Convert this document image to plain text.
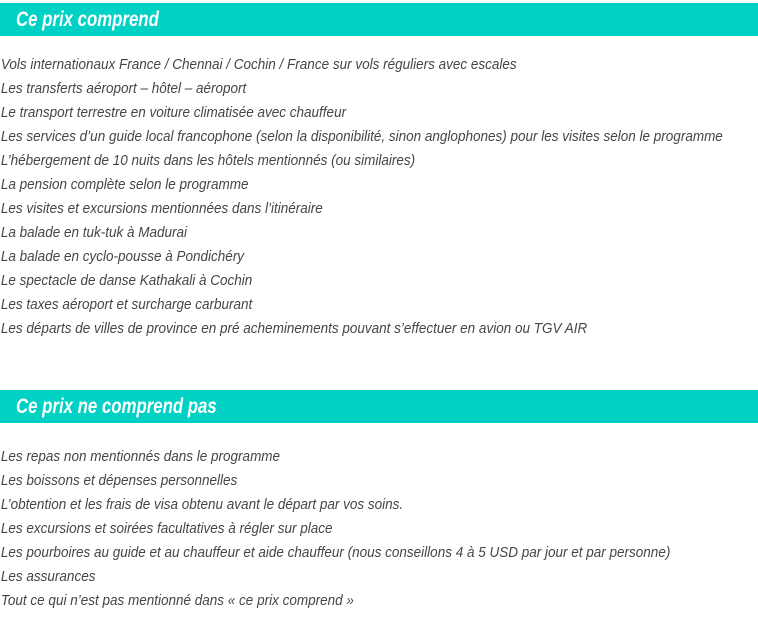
Ce prix comprend
Vols internationaux France / Chennai / Cochin / France sur vols réguliers avec escales
Les transferts aéroport – hôtel – aéroport
Le transport terrestre en voiture climatisée avec chauffeur
Les services d’un guide local francophone (selon la disponibilité, sinon anglophones) pour les visites selon le programme
L’hébergement de 10 nuits dans les hôtels mentionnés (ou similaires)
La pension complète selon le programme
Les visites et excursions mentionnées dans l’itinéraire
La balade en tuk-tuk à Madurai
La balade en cyclo-pousse à Pondichéry
Le spectacle de danse Kathakali à Cochin
Les taxes aéroport et surcharge carburant
Les départs de villes de province en pré acheminements pouvant s’effectuer en avion ou TGV AIR
Ce prix ne comprend pas
Les repas non mentionnés dans le programme
Les boissons et dépenses personnelles
L’obtention et les frais de visa obtenu avant le départ par vos soins.
Les excursions et soirées facultatives à régler sur place
Les pourboires au guide et au chauffeur et aide chauffeur (nous conseillons 4 à 5 USD par jour et par personne)
Les assurances
Tout ce qui n’est pas mentionné dans « ce prix comprend »
